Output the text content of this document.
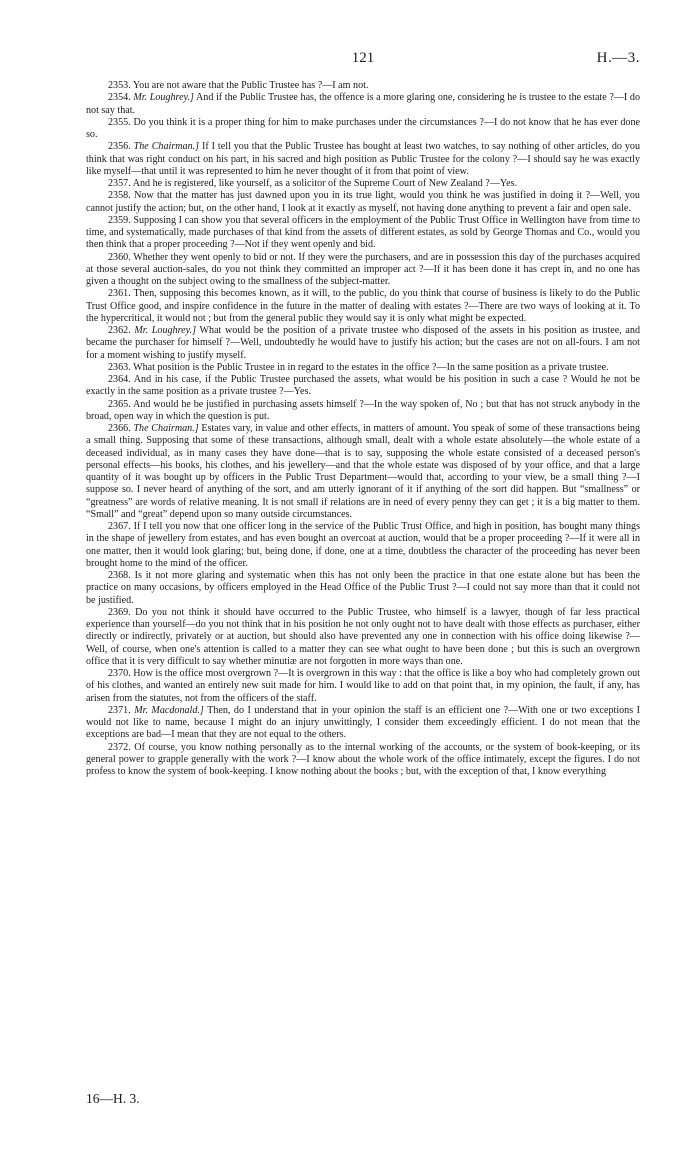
121	H.—3.

2353. You are not aware that the Public Trustee has ?—I am not.

2354. Mr. Loughrey.] And if the Public Trustee has, the offence is a more glaring one, considering he is trustee to the estate ?—I do not say that.

2355. Do you think it is a proper thing for him to make purchases under the circumstances ?—I do not know that he has ever done so.

2356. The Chairman.] If I tell you that the Public Trustee has bought at least two watches, to say nothing of other articles, do you think that was right conduct on his part, in his sacred and high position as Public Trustee for the colony ?—I should say he was exactly like myself—that until it was represented to him he never thought of it from that point of view.

2357. And he is registered, like yourself, as a solicitor of the Supreme Court of New Zealand ?—Yes.

2358. Now that the matter has just dawned upon you in its true light, would you think he was justified in doing it ?—Well, you cannot justify the action; but, on the other hand, I look at it exactly as myself, not having done anything to prevent a fair and open sale.

2359. Supposing I can show you that several officers in the employment of the Public Trust Office in Wellington have from time to time, and systematically, made purchases of that kind from the assets of different estates, as sold by George Thomas and Co., would you then think that a proper proceeding ?—Not if they went openly and bid.

2360. Whether they went openly to bid or not. If they were the purchasers, and are in possession this day of the purchases acquired at those several auction-sales, do you not think they committed an improper act ?—If it has been done it has crept in, and no one has given a thought on the subject owing to the smallness of the subject-matter.

2361. Then, supposing this becomes known, as it will, to the public, do you think that course of business is likely to do the Public Trust Office good, and inspire confidence in the future in the matter of dealing with estates ?—There are two ways of looking at it. To the hypercritical, it would not ; but from the general public they would say it is only what might be expected.

2362. Mr. Loughrey.] What would be the position of a private trustee who disposed of the assets in his position as trustee, and became the purchaser for himself ?—Well, undoubtedly he would have to justify his action; but the cases are not on all-fours. I am not for a moment wishing to justify myself.

2363. What position is the Public Trustee in in regard to the estates in the office ?—In the same position as a private trustee.

2364. And in his case, if the Public Trustee purchased the assets, what would be his position in such a case ? Would he not be exactly in the same position as a private trustee ?—Yes.

2365. And would he be justified in purchasing assets himself ?—In the way spoken of, No ; but that has not struck anybody in the broad, open way in which the question is put.

2366. The Chairman.] Estates vary, in value and other effects, in matters of amount. You speak of some of these transactions being a small thing. Supposing that some of these transactions, although small, dealt with a whole estate absolutely—the whole estate of a deceased individual, as in many cases they have done—that is to say, supposing the whole estate consisted of a deceased person's personal effects—his books, his clothes, and his jewellery—and that the whole estate was disposed of by your office, and that a large quantity of it was bought up by officers in the Public Trust Department—would that, according to your view, be a small thing ?—I suppose so. I never heard of anything of the sort, and am utterly ignorant of it if anything of the sort did happen. But “smallness” or “greatness” are words of relative meaning. It is not small if relations are in need of every penny they can get ; it is a big matter to them. “Small” and “great” depend upon so many outside circumstances.

2367. If I tell you now that one officer long in the service of the Public Trust Office, and high in position, has bought many things in the shape of jewellery from estates, and has even bought an overcoat at auction, would that be a proper proceeding ?—If it were all in one matter, then it would look glaring; but, being done, if done, one at a time, doubtless the character of the proceeding has never been brought home to the mind of the officer.

2368. Is it not more glaring and systematic when this has not only been the practice in that one estate alone but has been the practice on many occasions, by officers employed in the Head Office of the Public Trust ?—I could not say more than that it could not be justified.

2369. Do you not think it should have occurred to the Public Trustee, who himself is a lawyer, though of far less practical experience than yourself—do you not think that in his position he not only ought not to have dealt with those effects as purchaser, either directly or indirectly, privately or at auction, but should also have prevented any one in connection with his office doing likewise ?—Well, of course, when one's attention is called to a matter they can see what ought to have been done ; but this is such an overgrown office that it is very difficult to say whether minutiæ are not forgotten in more ways than one.

2370. How is the office most overgrown ?—It is overgrown in this way : that the office is like a boy who had completely grown out of his clothes, and wanted an entirely new suit made for him. I would like to add on that point that, in my opinion, the fault, if any, has arisen from the statutes, not from the officers of the staff.

2371. Mr. Macdonald.] Then, do I understand that in your opinion the staff is an efficient one ?—With one or two exceptions I would not like to name, because I might do an injury unwittingly, I consider them exceedingly efficient. I do not mean that the exceptions are bad—I mean that they are not equal to the others.

2372. Of course, you know nothing personally as to the internal working of the accounts, or the system of book-keeping, or its general power to grapple generally with the work ?—I know about the whole work of the office intimately, except the figures. I do not profess to know the system of book-keeping. I know nothing about the books ; but, with the exception of that, I know everything

16—H. 3.
